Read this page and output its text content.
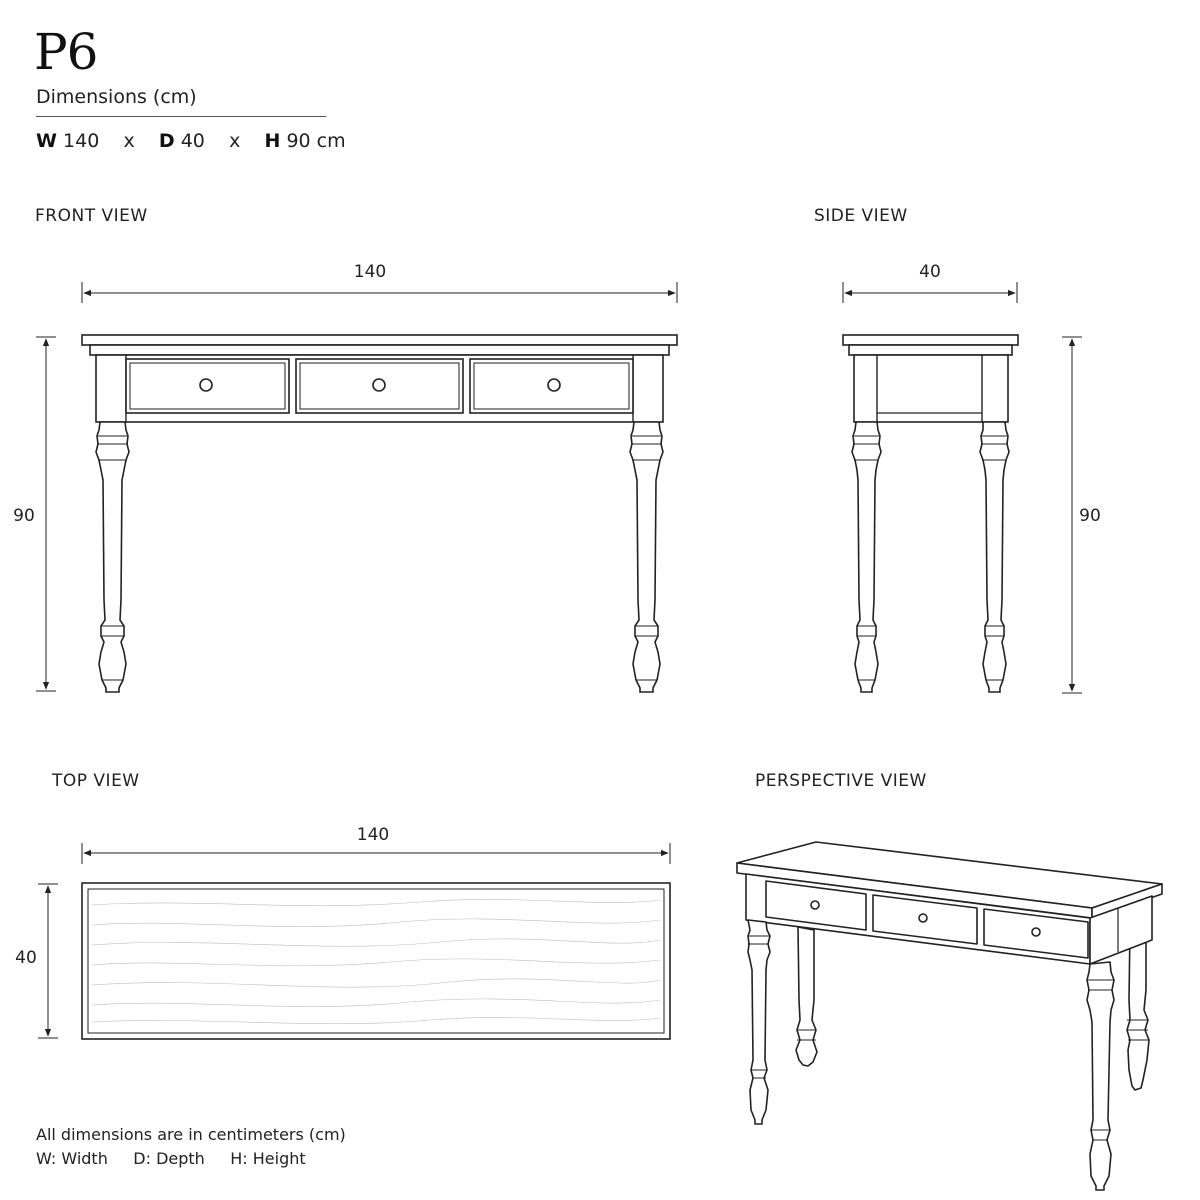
P6
Dimensions (cm)
W 140 x D 40 x H 90 cm
FRONT VIEW	SIDE VIEW
TOP VIEW	PERSPECTIVE VIEW
140
90
40
90
140
40
All dimensions are in centimeters (cm)
W: Width D: Depth H: Height
